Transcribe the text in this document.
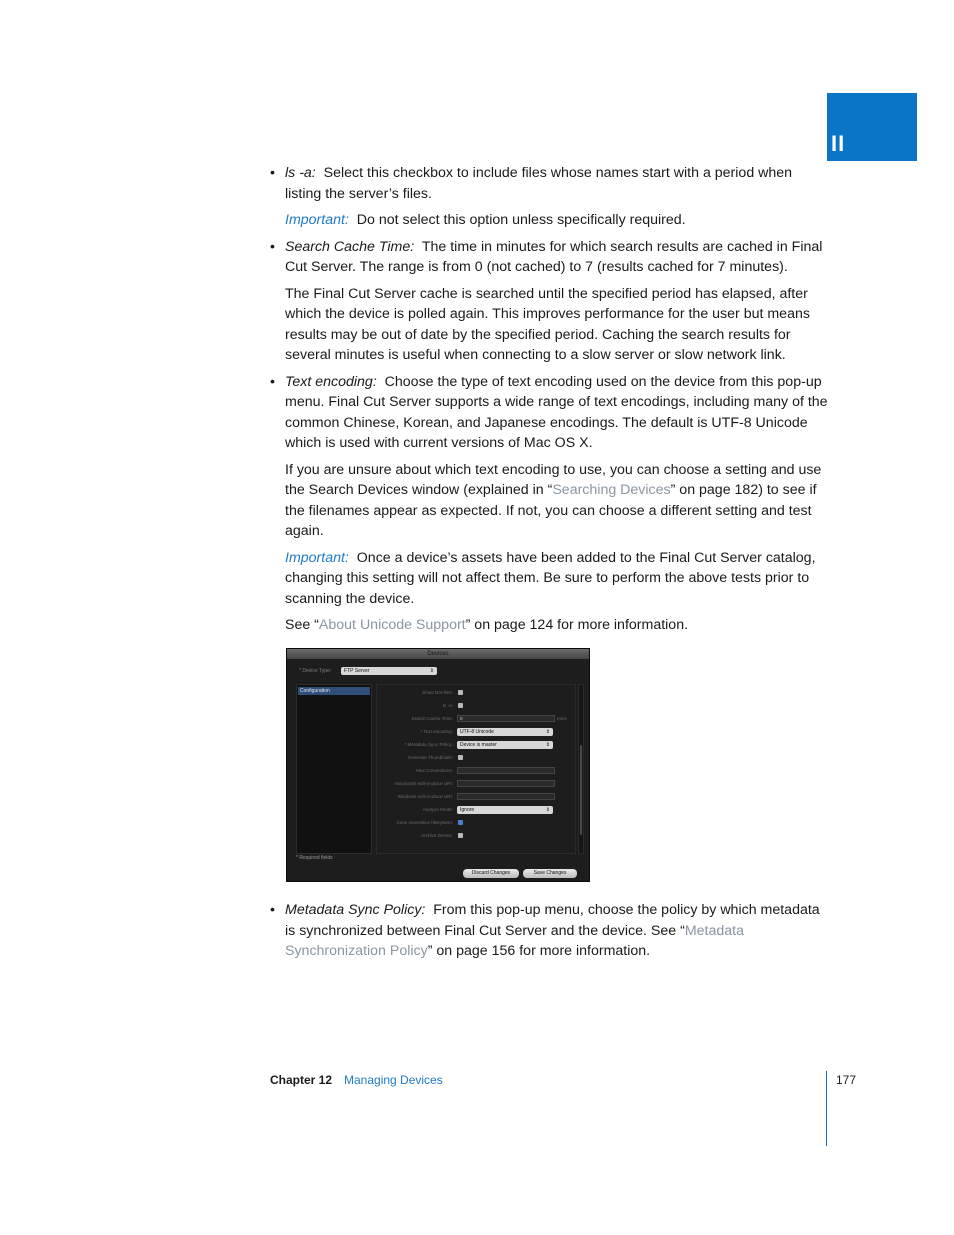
II
• ls -a: Select this checkbox to include files whose names start with a period when listing the server’s files.
Important: Do not select this option unless specifically required.
• Search Cache Time: The time in minutes for which search results are cached in Final Cut Server. The range is from 0 (not cached) to 7 (results cached for 7 minutes).
The Final Cut Server cache is searched until the specified period has elapsed, after which the device is polled again. This improves performance for the user but means results may be out of date by the specified period. Caching the search results for several minutes is useful when connecting to a slow server or slow network link.
• Text encoding: Choose the type of text encoding used on the device from this pop-up menu. Final Cut Server supports a wide range of text encodings, including many of the common Chinese, Korean, and Japanese encodings. The default is UTF-8 Unicode which is used with current versions of Mac OS X.
If you are unsure about which text encoding to use, you can choose a setting and use the Search Devices window (explained in “Searching Devices” on page 182) to see if the filenames appear as expected. If not, you can choose a different setting and test again.
Important: Once a device’s assets have been added to the Final Cut Server catalog, changing this setting will not affect them. Be sure to perform the above tests prior to scanning the device.
See “About Unicode Support” on page 124 for more information.
Devices
* Device Type:	FTP Server	⇕
Configuration
* Required fields
Discard Changes	Save Changes
Show Dot-files:
ls -a:
Search Cache Time:	0	mins
* Text encoding:	UTF-8 Unicode	⇕
* Metadata Sync Policy:	Device is master	⇕
Generate Thumbnails:
Max Connections:
Macintosh edit-in-place URI:
Windows edit-in-place URI:
Analyze Mode:	Ignore	⇕
Case insensitive filesystem:
Archive Device:
• Metadata Sync Policy: From this pop-up menu, choose the policy by which metadata is synchronized between Final Cut Server and the device. See “Metadata Synchronization Policy” on page 156 for more information.
Chapter 12 Managing Devices	177
